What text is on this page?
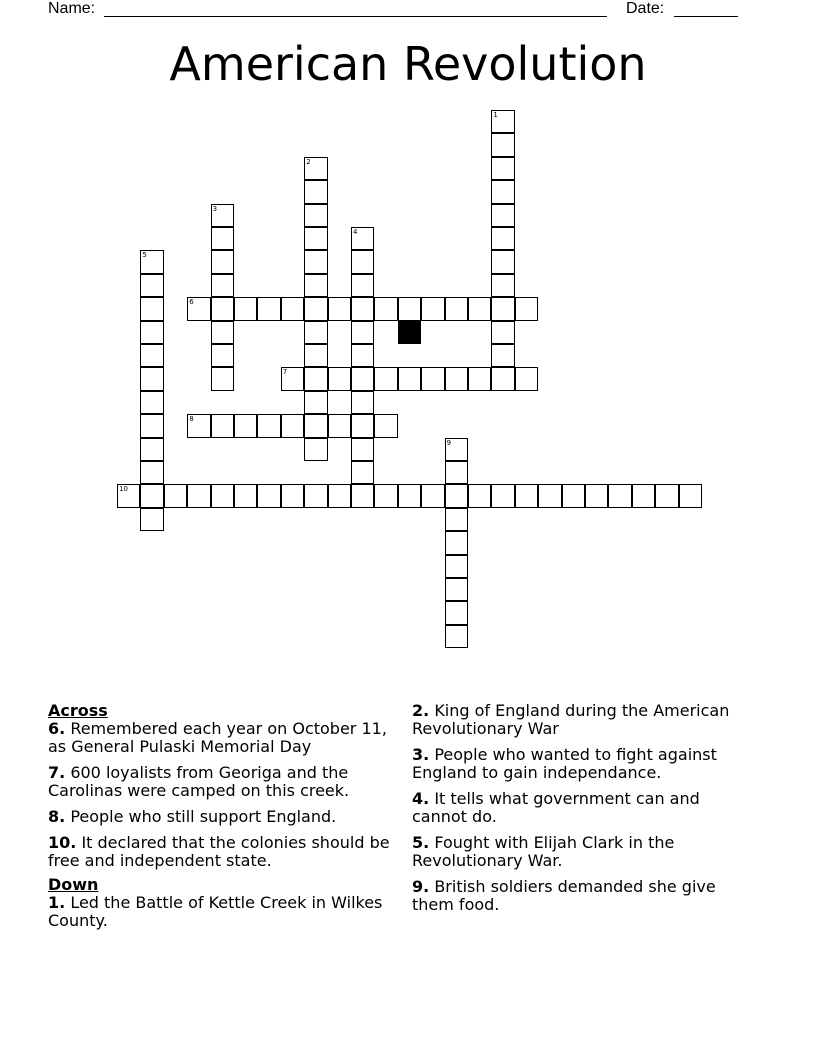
Name:	Date:
American Revolution
1
2
3
4
5
6
7
8
9
10
Across
6. Remembered each year on October 11, as General Pulaski Memorial Day
7. 600 loyalists from Georiga and the Carolinas were camped on this creek.
8. People who still support England.
10. It declared that the colonies should be free and independent state.
Down
1. Led the Battle of Kettle Creek in Wilkes County.
2. King of England during the American Revolutionary War
3. People who wanted to fight against England to gain independance.
4. It tells what government can and cannot do.
5. Fought with Elijah Clark in the Revolutionary War.
9. British soldiers demanded she give them food.
